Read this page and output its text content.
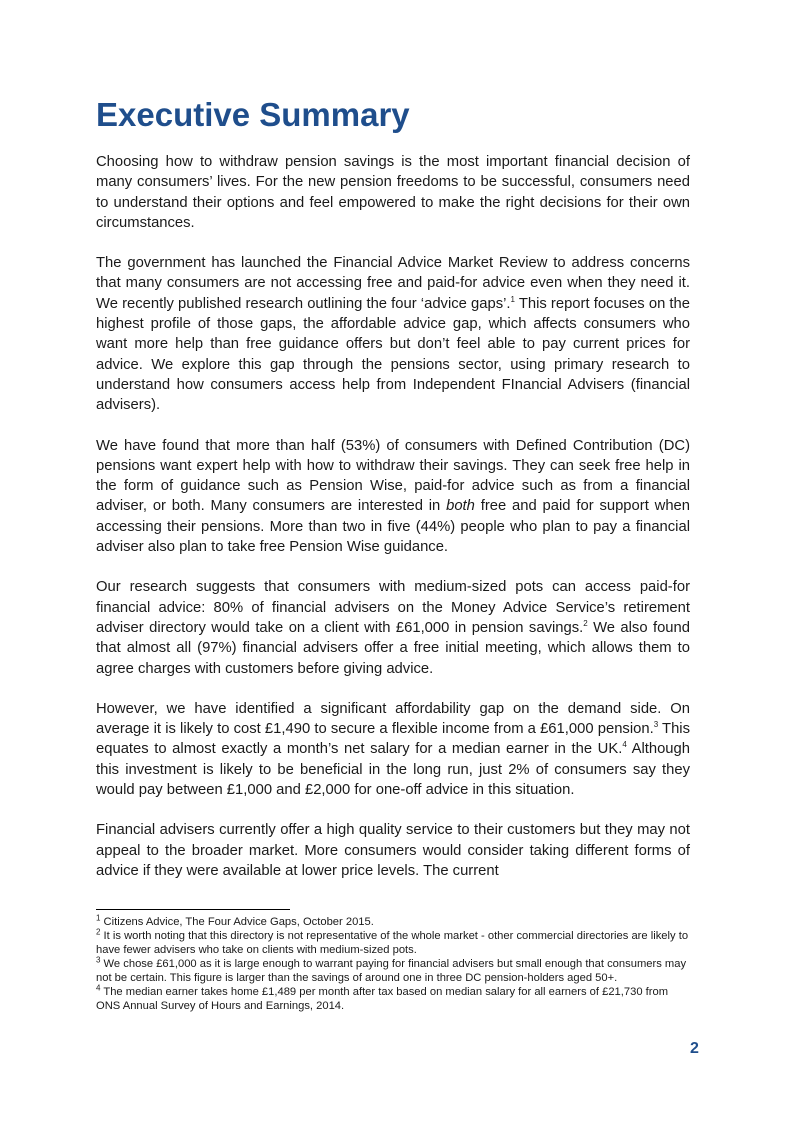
Executive Summary

Choosing how to withdraw pension savings is the most important financial decision of many consumers’ lives. For the new pension freedoms to be successful, consumers need to understand their options and feel empowered to make the right decisions for their own circumstances.

The government has launched the Financial Advice Market Review to address concerns that many consumers are not accessing free and paid-for advice even when they need it. We recently published research outlining the four ‘advice gaps’.$^1$ This report focuses on the highest profile of those gaps, the affordable advice gap, which affects consumers who want more help than free guidance offers but don’t feel able to pay current prices for advice. We explore this gap through the pensions sector, using primary research to understand how consumers access help from Independent FInancial Advisers (financial advisers).

We have found that more than half (53%) of consumers with Defined Contribution (DC) pensions want expert help with how to withdraw their savings. They can seek free help in the form of guidance such as Pension Wise, paid-for advice such as from a financial adviser, or both. Many consumers are interested in both free and paid for support when accessing their pensions. More than two in five (44%) people who plan to pay a financial adviser also plan to take free Pension Wise guidance.

Our research suggests that consumers with medium-sized pots can access paid-for financial advice: 80% of financial advisers on the Money Advice Service’s retirement adviser directory would take on a client with £61,000 in pension savings.$^2$ We also found that almost all (97%) financial advisers offer a free initial meeting, which allows them to agree charges with customers before giving advice.

However, we have identified a significant affordability gap on the demand side. On average it is likely to cost £1,490 to secure a flexible income from a £61,000 pension.$^3$ This equates to almost exactly a month’s net salary for a median earner in the UK.$^4$ Although this investment is likely to be beneficial in the long run, just 2% of consumers say they would pay between £1,000 and £2,000 for one-off advice in this situation.

Financial advisers currently offer a high quality service to their customers but they may not appeal to the broader market. More consumers would consider taking different forms of advice if they were available at lower price levels. The current

$^1$ Citizens Advice, The Four Advice Gaps, October 2015.

$^2$ It is worth noting that this directory is not representative of the whole market - other commercial directories are likely to have fewer advisers who take on clients with medium-sized pots.

$^3$ We chose £61,000 as it is large enough to warrant paying for financial advisers but small enough that consumers may not be certain. This figure is larger than the savings of around one in three DC pension-holders aged 50+.

$^4$ The median earner takes home £1,489 per month after tax based on median salary for all earners of £21,730 from ONS Annual Survey of Hours and Earnings, 2014.

2
